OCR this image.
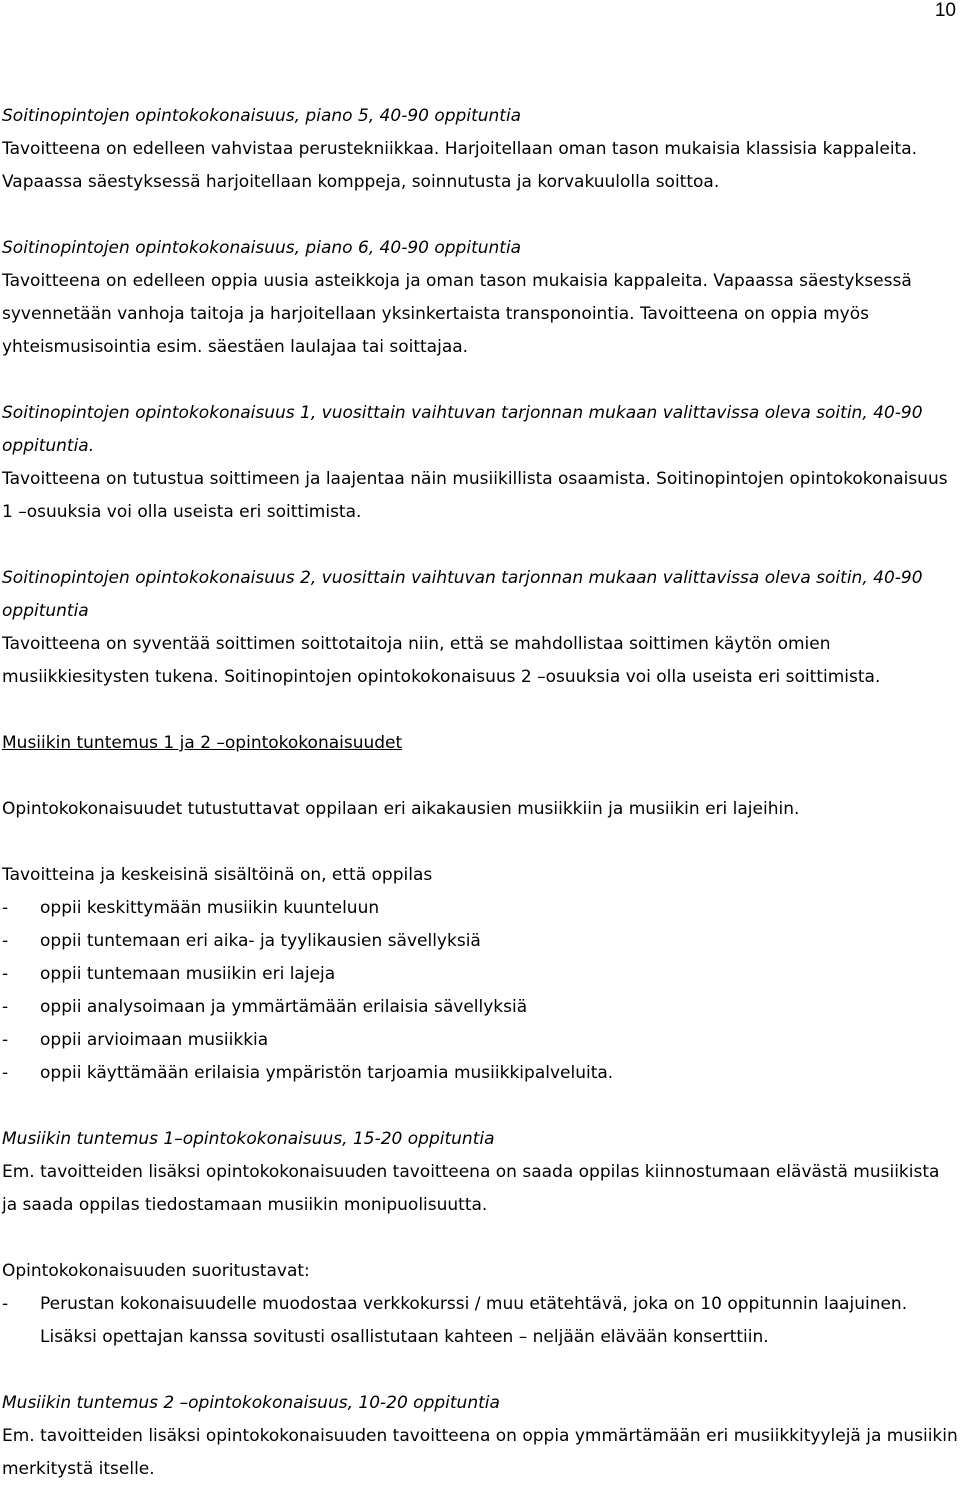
10

Soitinopintojen opintokokonaisuus, piano 5, 40-90 oppituntia

Tavoitteena on edelleen vahvistaa perustekniikkaa. Harjoitellaan oman tason mukaisia klassisia kappaleita. Vapaassa säestyksessä harjoitellaan komppeja, soinnutusta ja korvakuulolla soittoa.

Soitinopintojen opintokokonaisuus, piano 6, 40-90 oppituntia

Tavoitteena on edelleen oppia uusia asteikkoja ja oman tason mukaisia kappaleita. Vapaassa säestyksessä syvennetään vanhoja taitoja ja harjoitellaan yksinkertaista transponointia. Tavoitteena on oppia myös yhteismusisointia esim. säestäen laulajaa tai soittajaa.

Soitinopintojen opintokokonaisuus 1, vuosittain vaihtuvan tarjonnan mukaan valittavissa oleva soitin, 40-90 oppituntia.

Tavoitteena on tutustua soittimeen ja laajentaa näin musiikillista osaamista. Soitinopintojen opintokokonaisuus 1 –osuuksia voi olla useista eri soittimista.

Soitinopintojen opintokokonaisuus 2, vuosittain vaihtuvan tarjonnan mukaan valittavissa oleva soitin, 40-90 oppituntia

Tavoitteena on syventää soittimen soittotaitoja niin, että se mahdollistaa soittimen käytön omien musiikkiesitysten tukena. Soitinopintojen opintokokonaisuus 2 –osuuksia voi olla useista eri soittimista.

Musiikin tuntemus 1 ja 2 –opintokokonaisuudet

Opintokokonaisuudet tutustuttavat oppilaan eri aikakausien musiikkiin ja musiikin eri lajeihin.

Tavoitteina ja keskeisinä sisältöinä on, että oppilas

- oppii keskittymään musiikin kuunteluun
- oppii tuntemaan eri aika- ja tyylikausien sävellyksiä
- oppii tuntemaan musiikin eri lajeja
- oppii analysoimaan ja ymmärtämään erilaisia sävellyksiä
- oppii arvioimaan musiikkia
- oppii käyttämään erilaisia ympäristön tarjoamia musiikkipalveluita.

Musiikin tuntemus 1–opintokokonaisuus, 15-20 oppituntia

Em. tavoitteiden lisäksi opintokokonaisuuden tavoitteena on saada oppilas kiinnostumaan elävästä musiikista ja saada oppilas tiedostamaan musiikin monipuolisuutta.

Opintokokonaisuuden suoritustavat:

- Perustan kokonaisuudelle muodostaa verkkokurssi / muu etätehtävä, joka on 10 oppitunnin laajuinen. Lisäksi opettajan kanssa sovitusti osallistutaan kahteen – neljään elävään konserttiin.

Musiikin tuntemus 2 –opintokokonaisuus, 10-20 oppituntia

Em. tavoitteiden lisäksi opintokokonaisuuden tavoitteena on oppia ymmärtämään eri musiikkityylejä ja musiikin merkitystä itselle.
